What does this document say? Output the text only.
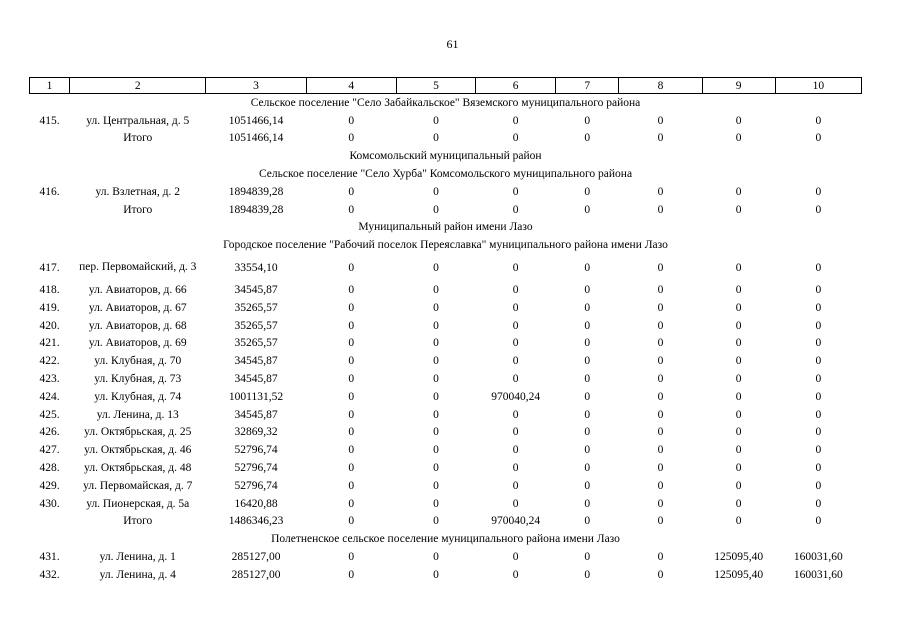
61
1	2	3	4	5	6	7	8	9	10
Сельское поселение "Село Забайкальское" Вяземского муниципального района									
415.	ул. Центральная, д. 5	1051466,14	0	0	0	0	0	0	0
	Итого	1051466,14	0	0	0	0	0	0	0
Комсомольский муниципальный район									
Сельское поселение "Село Хурба" Комсомольского муниципального района									
416.	ул. Взлетная, д. 2	1894839,28	0	0	0	0	0	0	0
	Итого	1894839,28	0	0	0	0	0	0	0
Муниципальный район имени Лазо									
Городское поселение "Рабочий поселок Переяславка" муниципального района имени Лазо									
417.	пер. Первомайский, д. 3	33554,10	0	0	0	0	0	0	0
418.	ул. Авиаторов, д. 66	34545,87	0	0	0	0	0	0	0
419.	ул. Авиаторов, д. 67	35265,57	0	0	0	0	0	0	0
420.	ул. Авиаторов, д. 68	35265,57	0	0	0	0	0	0	0
421.	ул. Авиаторов, д. 69	35265,57	0	0	0	0	0	0	0
422.	ул. Клубная, д. 70	34545,87	0	0	0	0	0	0	0
423.	ул. Клубная, д. 73	34545,87	0	0	0	0	0	0	0
424.	ул. Клубная, д. 74	1001131,52	0	0	970040,24	0	0	0	0
425.	ул. Ленина, д. 13	34545,87	0	0	0	0	0	0	0
426.	ул. Октябрьская, д. 25	32869,32	0	0	0	0	0	0	0
427.	ул. Октябрьская, д. 46	52796,74	0	0	0	0	0	0	0
428.	ул. Октябрьская, д. 48	52796,74	0	0	0	0	0	0	0
429.	ул. Первомайская, д. 7	52796,74	0	0	0	0	0	0	0
430.	ул. Пионерская, д. 5а	16420,88	0	0	0	0	0	0	0
	Итого	1486346,23	0	0	970040,24	0	0	0	0
Полетненское сельское поселение муниципального района имени Лазо									
431.	ул. Ленина, д. 1	285127,00	0	0	0	0	0	125095,40	160031,60
432.	ул. Ленина, д. 4	285127,00	0	0	0	0	0	125095,40	160031,60
